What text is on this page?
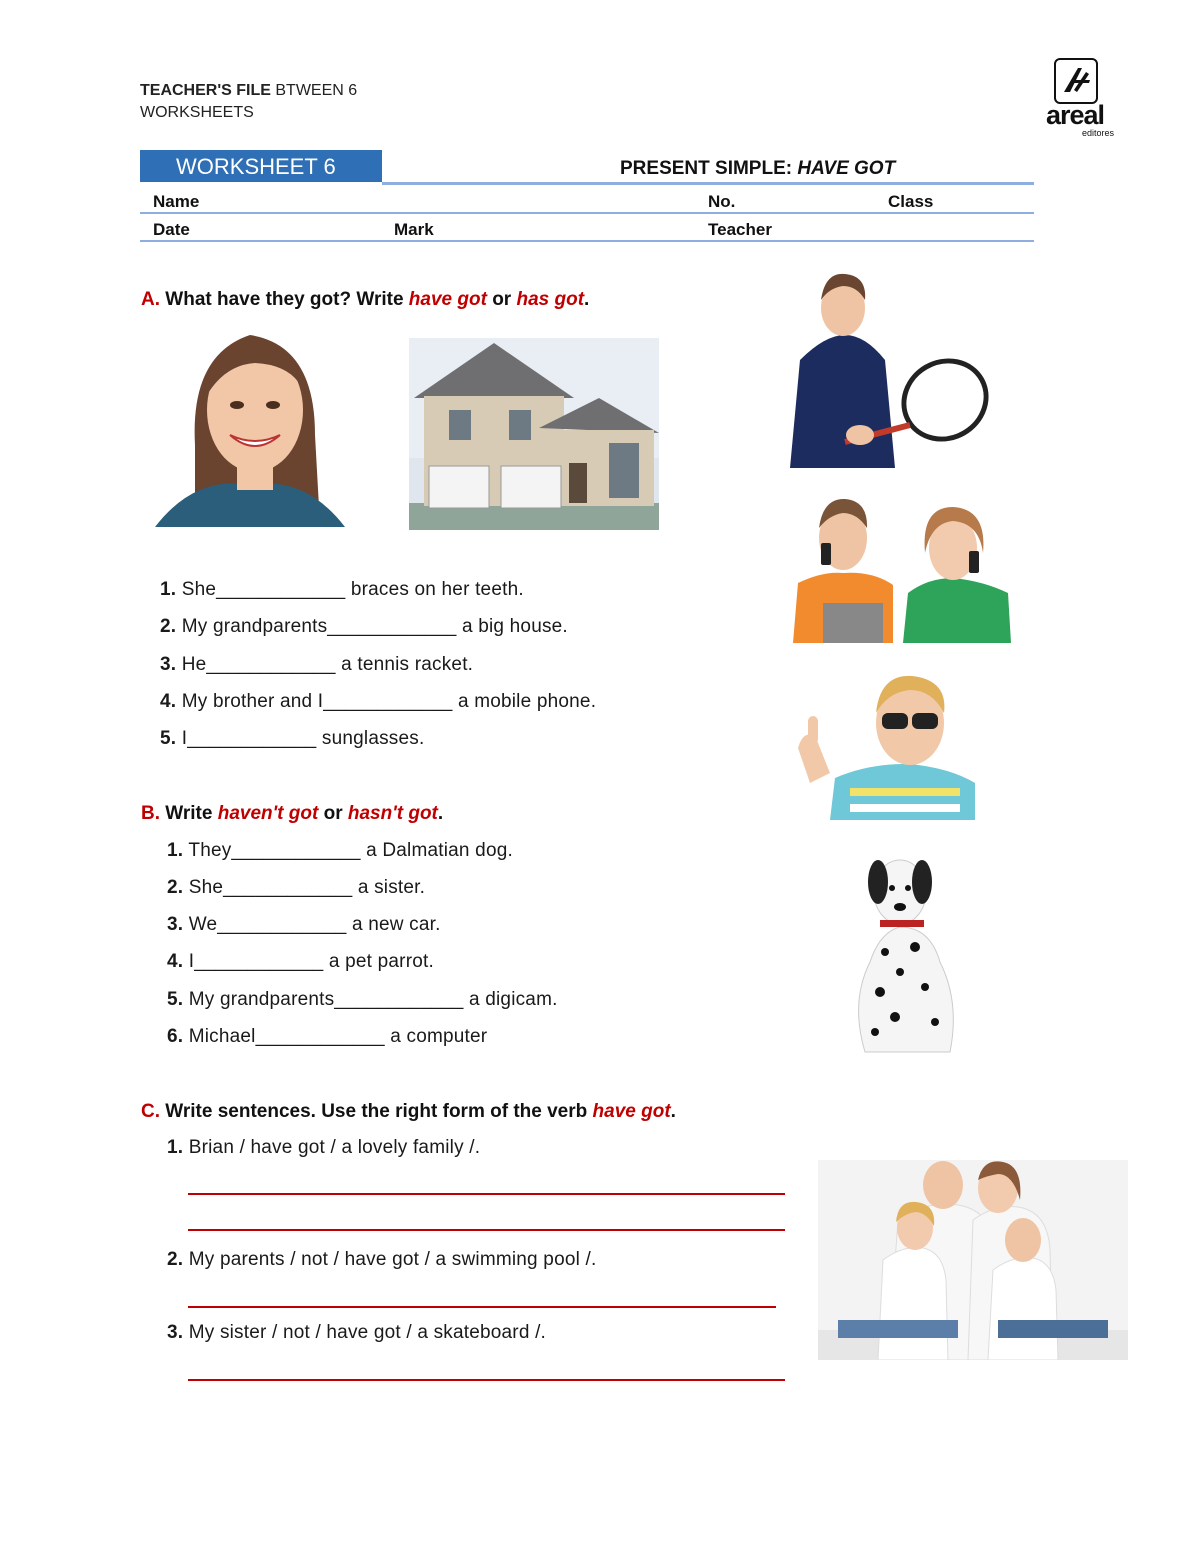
TEACHER'S FILE BTWEEN 6
WORKSHEETS	areal
editores
WORKSHEET 6	PRESENT SIMPLE: HAVE GOT
Name	No.	Class
Date	Mark	Teacher
A. What have they got? Write have got or has got.
1. She____________ braces on her teeth.
2. My grandparents____________ a big house.
3. He____________ a tennis racket.
4. My brother and I____________ a mobile phone.
5. I____________ sunglasses.
B. Write haven't got or hasn't got.
1. They____________ a Dalmatian dog.
2. She____________ a sister.
3. We____________ a new car.
4. I____________ a pet parrot.
5. My grandparents____________ a digicam.
6. Michael____________ a computer
C. Write sentences. Use the right form of the verb have got.
1. Brian / have got / a lovely family /.
2. My parents / not / have got / a swimming pool /.
3. My sister / not / have got / a skateboard /.
